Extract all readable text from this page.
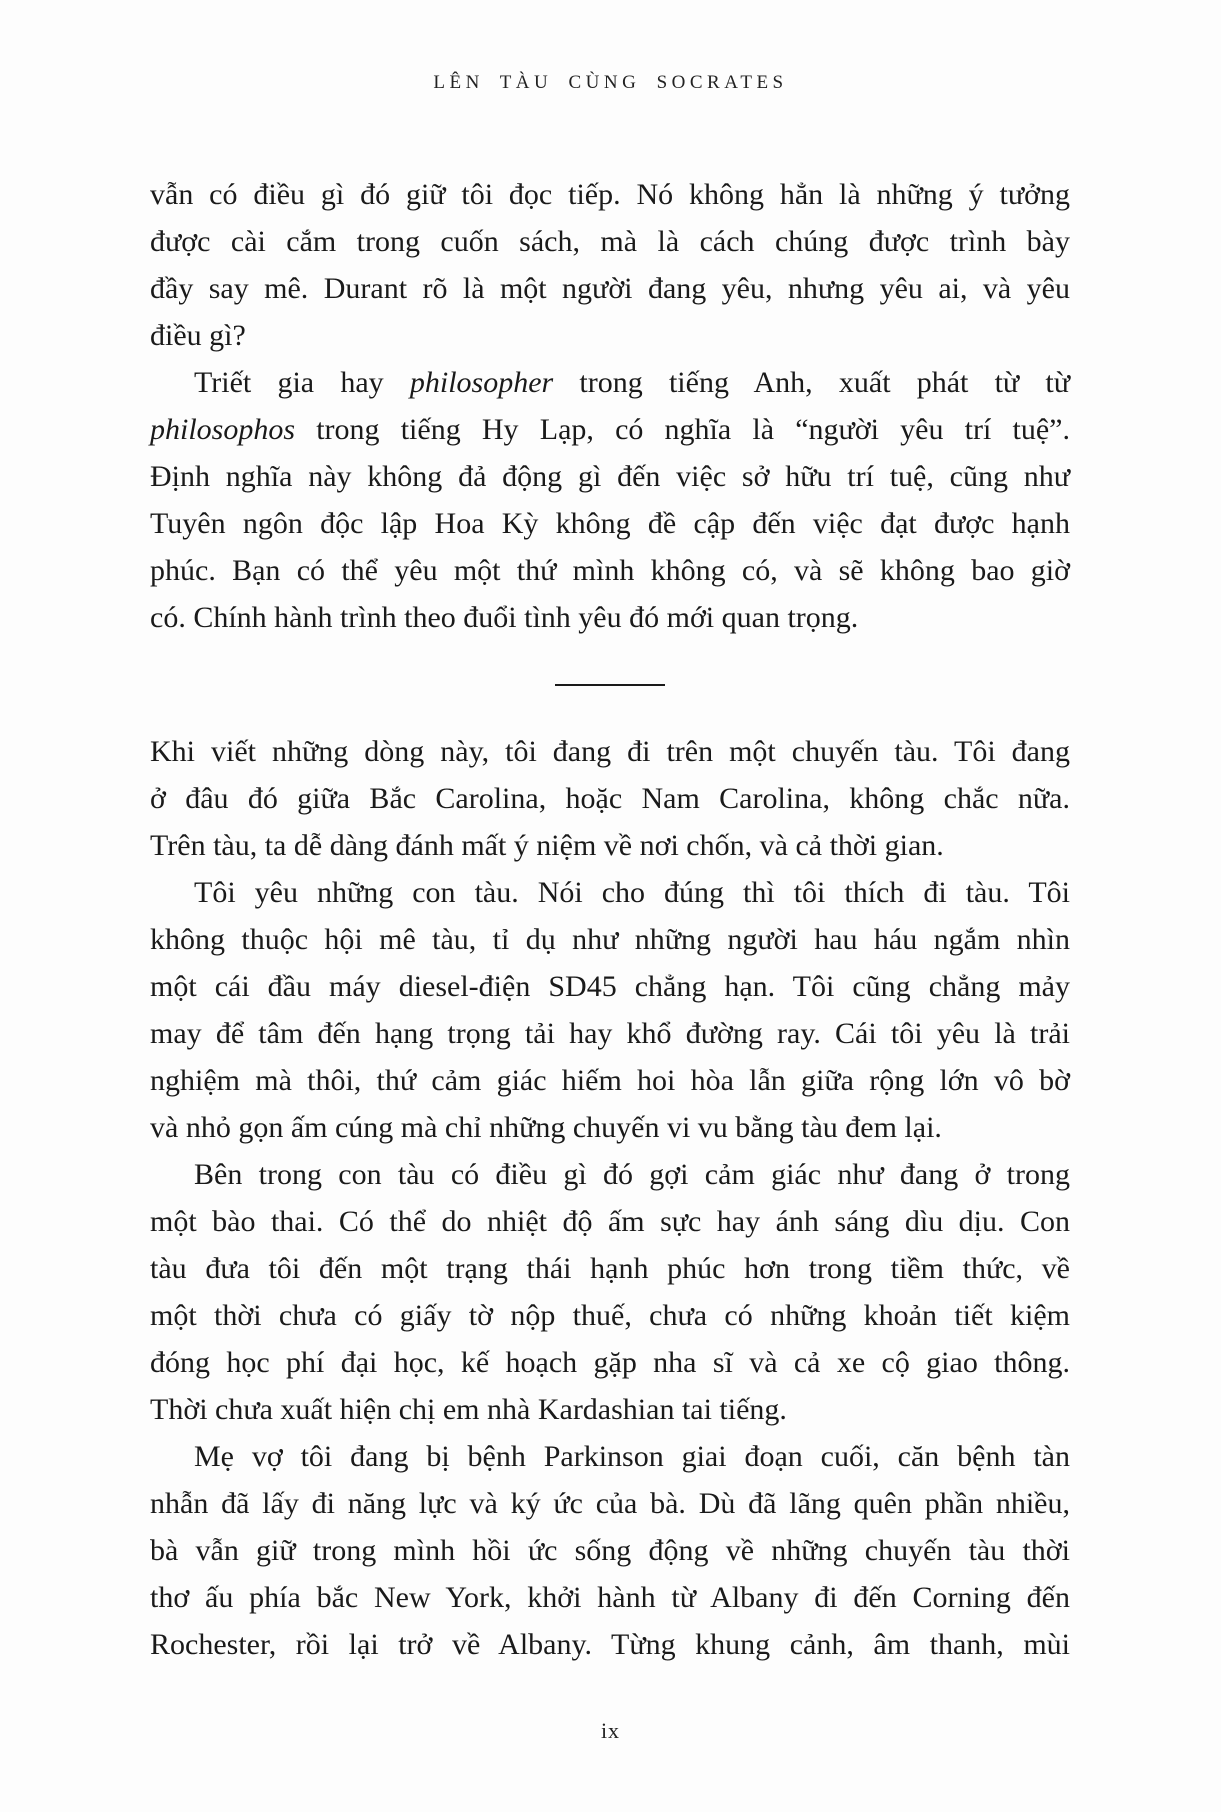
LÊN TÀU CÙNG SOCRATES
vẫn có điều gì đó giữ tôi đọc tiếp. Nó không hẳn là những ý tưởng
được cài cắm trong cuốn sách, mà là cách chúng được trình bày
đầy say mê. Durant rõ là một người đang yêu, nhưng yêu ai, và yêu
điều gì?
Triết gia hay philosopher trong tiếng Anh, xuất phát từ từ
philosophos trong tiếng Hy Lạp, có nghĩa là “người yêu trí tuệ”.
Định nghĩa này không đả động gì đến việc sở hữu trí tuệ, cũng như
Tuyên ngôn độc lập Hoa Kỳ không đề cập đến việc đạt được hạnh
phúc. Bạn có thể yêu một thứ mình không có, và sẽ không bao giờ
có. Chính hành trình theo đuổi tình yêu đó mới quan trọng.
Khi viết những dòng này, tôi đang đi trên một chuyến tàu. Tôi đang
ở đâu đó giữa Bắc Carolina, hoặc Nam Carolina, không chắc nữa.
Trên tàu, ta dễ dàng đánh mất ý niệm về nơi chốn, và cả thời gian.
Tôi yêu những con tàu. Nói cho đúng thì tôi thích đi tàu. Tôi
không thuộc hội mê tàu, tỉ dụ như những người hau háu ngắm nhìn
một cái đầu máy diesel-điện SD45 chẳng hạn. Tôi cũng chẳng mảy
may để tâm đến hạng trọng tải hay khổ đường ray. Cái tôi yêu là trải
nghiệm mà thôi, thứ cảm giác hiếm hoi hòa lẫn giữa rộng lớn vô bờ
và nhỏ gọn ấm cúng mà chỉ những chuyến vi vu bằng tàu đem lại.
Bên trong con tàu có điều gì đó gợi cảm giác như đang ở trong
một bào thai. Có thể do nhiệt độ ấm sực hay ánh sáng dìu dịu. Con
tàu đưa tôi đến một trạng thái hạnh phúc hơn trong tiềm thức, về
một thời chưa có giấy tờ nộp thuế, chưa có những khoản tiết kiệm
đóng học phí đại học, kế hoạch gặp nha sĩ và cả xe cộ giao thông.
Thời chưa xuất hiện chị em nhà Kardashian tai tiếng.
Mẹ vợ tôi đang bị bệnh Parkinson giai đoạn cuối, căn bệnh tàn
nhẫn đã lấy đi năng lực và ký ức của bà. Dù đã lãng quên phần nhiều,
bà vẫn giữ trong mình hồi ức sống động về những chuyến tàu thời
thơ ấu phía bắc New York, khởi hành từ Albany đi đến Corning đến
Rochester, rồi lại trở về Albany. Từng khung cảnh, âm thanh, mùi
ix
